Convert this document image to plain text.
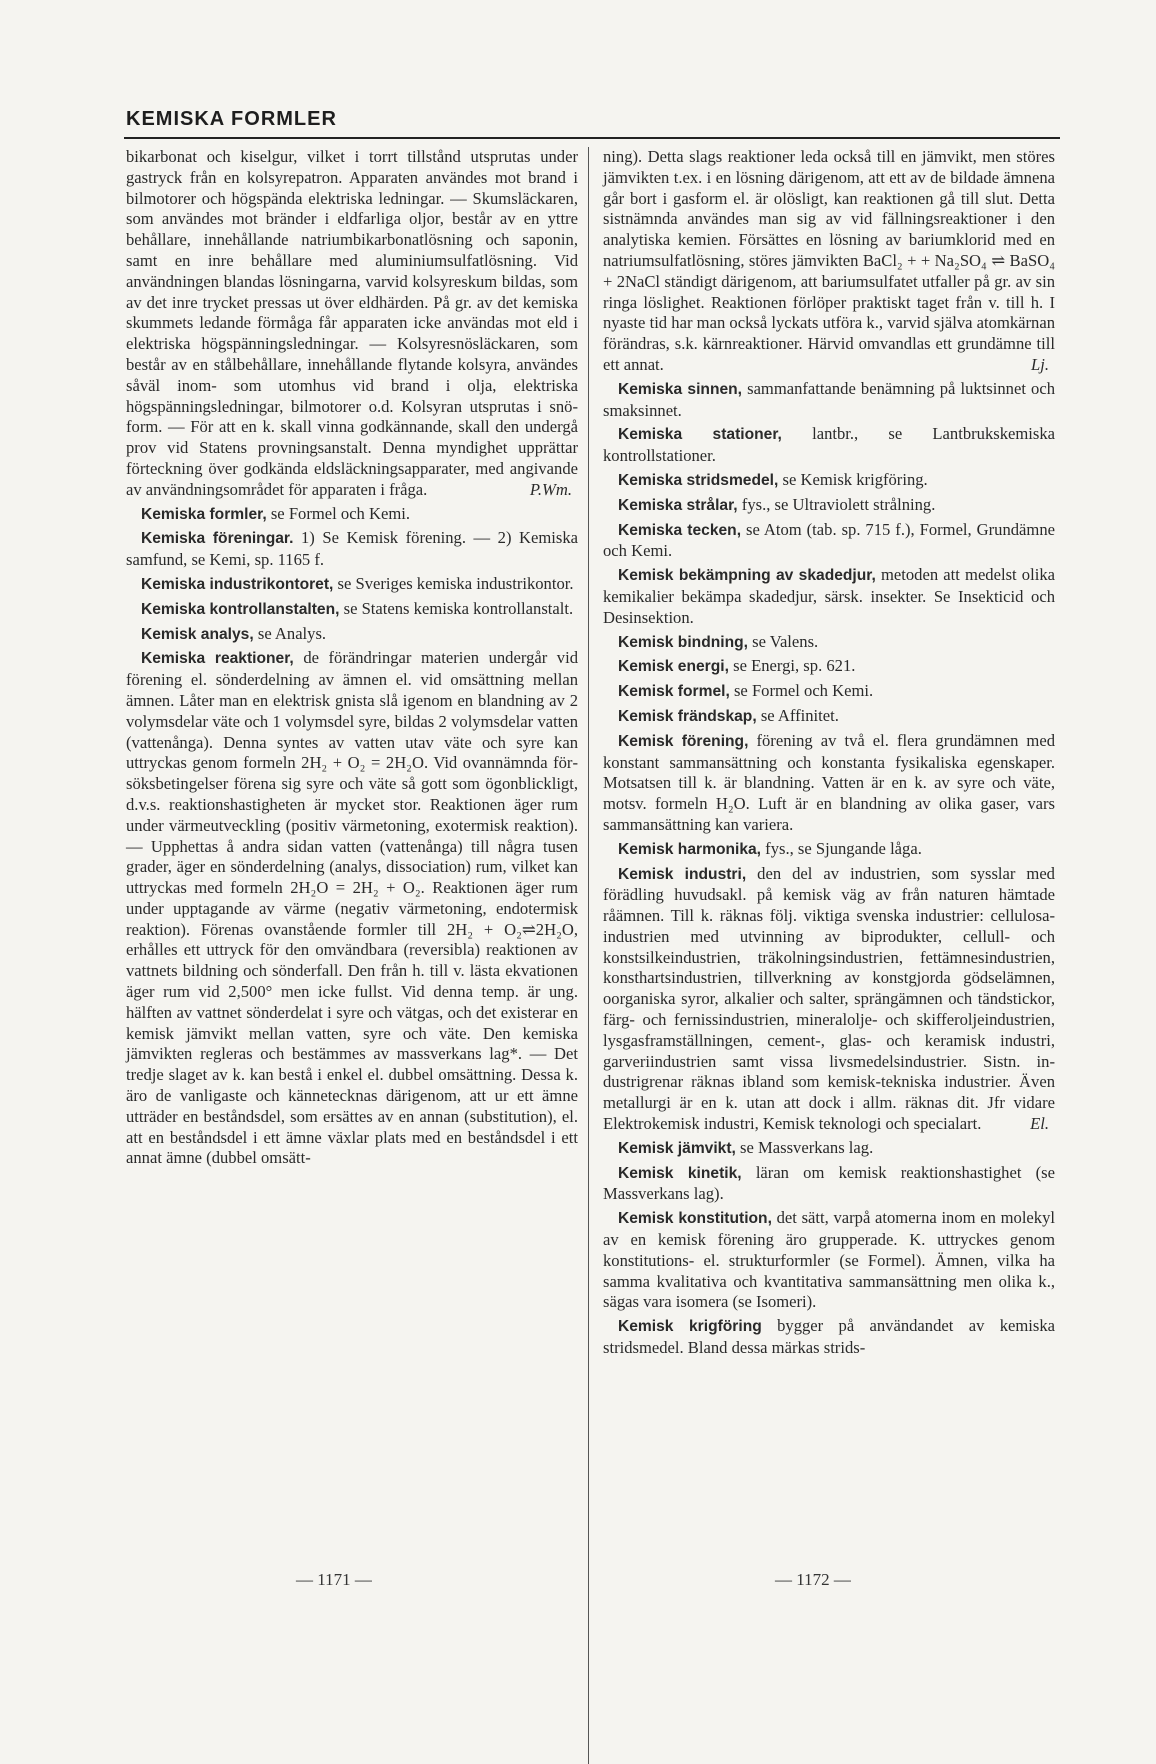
KEMISKA FORMLER

bikarbonat och kiselgur, vilket i torrt tillstånd utsprutas under gastryck från en kolsyrepatron. Apparaten användes mot brand i bilmotorer och högspända elektriska ledningar. — Skumsläckaren, som användes mot bränder i eldfarliga oljor, består av en yttre behållare, innehållande natriumbikarbonatlösning och saponin, samt en inre behållare med aluminiumsulfatlösning. Vid användningen blandas lösningarna, varvid kolsyreskum bildas, som av det inre trycket pressas ut över eldhärden. På gr. av det kemiska skummets ledande förmåga får apparaten icke användas mot eld i elektriska högspänningsledningar. — Kolsyresnösläckaren, som består av en stålbehållare, innehållande flytande kolsyra, användes såväl inom- som utomhus vid brand i olja, elektriska högspänningsledningar, bilmotorer o.d. Kolsyran utsprutas i snöform. — För att en k. skall vinna godkännande, skall den undergå prov vid Statens provningsanstalt. Denna myndighet upprättar förteckning över godkända eldsläckningsapparater, med angivande av användningsområdet för apparaten i fråga.	P.Wm.

Kemiska formler, se Formel och Kemi.

Kemiska föreningar. 1) Se Kemisk förening. — 2) Kemiska samfund, se Kemi, sp. 1165 f.

Kemiska industrikontoret, se Sveriges kemiska industrikontor.

Kemiska kontrollanstalten, se Statens kemiska kontrollanstalt.

Kemisk analys, se Analys.

Kemiska reaktioner, de förändringar materien undergår vid förening el. sönderdelning av ämnen el. vid omsättning mellan ämnen. Låter man en elektrisk gnista slå igenom en blandning av 2 volymsdelar väte och 1 volymsdel syre, bildas 2 volymsdelar vatten (vattenånga). Denna syntes av vatten utav väte och syre kan uttryckas genom formeln 2H₂ + O₂ = 2H₂O. Vid ovannämnda försöksbetingelser förena sig syre och väte så gott som ögonblickligt, d.v.s. reaktionshastigheten är mycket stor. Reaktionen äger rum under värmeutveckling (positiv värmetoning, exotermisk reaktion). — Upphettas å andra sidan vatten (vattenånga) till några tusen grader, äger en sönderdelning (analys, dissociation) rum, vilket kan uttryckas med formeln 2H₂O = 2H₂ + O₂. Reaktionen äger rum under upptagande av värme (negativ värmetoning, endotermisk reaktion). Förenas ovanstående formler till 2H₂ + O₂⇌2H₂O, erhålles ett uttryck för den omvändbara (reversibla) reaktionen av vattnets bildning och sönderfall. Den från h. till v. lästa ekvationen äger rum vid 2,500° men icke fullst. Vid denna temp. är ung. hälften av vattnet sönderdelat i syre och vätgas, och det existerar en kemisk jämvikt mellan vatten, syre och väte. Den kemiska jämvikten regleras och bestämmes av massverkans lag*. — Det tredje slaget av k. kan bestå i enkel el. dubbel omsättning. Dessa k. äro de vanligaste och kännetecknas därigenom, att ur ett ämne utträder en beståndsdel, som ersättes av en annan (substitution), el. att en beståndsdel i ett ämne växlar plats med en beståndsdel i ett annat ämne (dubbel omsätt-

ning). Detta slags reaktioner leda också till en jämvikt, men störes jämvikten t.ex. i en lösning därigenom, att ett av de bildade ämnena går bort i gasform el. är olösligt, kan reaktionen gå till slut. Detta sistnämnda användes man sig av vid fällningsreaktioner i den analytiska kemien. Försättes en lösning av bariumklorid med en natriumsulfatlösning, störes jämvikten BaCl₂ + + Na₂SO₄ ⇌ BaSO₄ + 2NaCl ständigt därigenom, att bariumsulfatet utfaller på gr. av sin ringa löslighet. Reaktionen förlöper praktiskt taget från v. till h. I nyaste tid har man också lyckats utföra k., varvid själva atomkärnan förändras, s.k. kärnreaktioner. Härvid omvandlas ett grundämne till ett annat.	Lj.

Kemiska sinnen, sammanfattande benämning på luktsinnet och smaksinnet.

Kemiska stationer, lantbr., se Lantbrukskemiska kontrollstationer.

Kemiska stridsmedel, se Kemisk krigföring.

Kemiska strålar, fys., se Ultraviolett strålning.

Kemiska tecken, se Atom (tab. sp. 715 f.), Formel, Grundämne och Kemi.

Kemisk bekämpning av skadedjur, metoden att medelst olika kemikalier bekämpa skadedjur, särsk. insekter. Se Insekticid och Desinsektion.

Kemisk bindning, se Valens.

Kemisk energi, se Energi, sp. 621.

Kemisk formel, se Formel och Kemi.

Kemisk frändskap, se Affinitet.

Kemisk förening, förening av två el. flera grundämnen med konstant sammansättning och konstanta fysikaliska egenskaper. Motsatsen till k. är blandning. Vatten är en k. av syre och väte, motsv. formeln H₂O. Luft är en blandning av olika gaser, vars sammansättning kan variera.

Kemisk harmonika, fys., se Sjungande låga.

Kemisk industri, den del av industrien, som sysslar med förädling huvudsakl. på kemisk väg av från naturen hämtade råämnen. Till k. räknas följ. viktiga svenska industrier: cellulosaindustrien med utvinning av biprodukter, cellull- och konstsilkeindustrien, träkolningsindustrien, fettämnesindustrien, konsthartsindustrien, tillverkning av konstgjorda gödselämnen, oorganiska syror, alkalier och salter, sprängämnen och tändstickor, färg- och fernissindustrien, mineralolje- och skifferoljeindustrien, lysgasframställningen, cement-, glas- och keramisk industri, garveriindustrien samt vissa livsmedelsindustrier. Sistn. industrigrenar räknas ibland som kemisk-tekniska industrier. Även metallurgi är en k. utan att dock i allm. räknas dit. Jfr vidare Elektrokemisk industri, Kemisk teknologi och specialart.	El.

Kemisk jämvikt, se Massverkans lag.

Kemisk kinetik, läran om kemisk reaktionshastighet (se Massverkans lag).

Kemisk konstitution, det sätt, varpå atomerna inom en molekyl av en kemisk förening äro grupperade. K. uttryckes genom konstitutions- el. strukturformler (se Formel). Ämnen, vilka ha samma kvalitativa och kvantitativa sammansättning men olika k., sägas vara isomera (se Isomeri).

Kemisk krigföring bygger på användandet av kemiska stridsmedel. Bland dessa märkas strids-

— 1171 —	— 1172 —
